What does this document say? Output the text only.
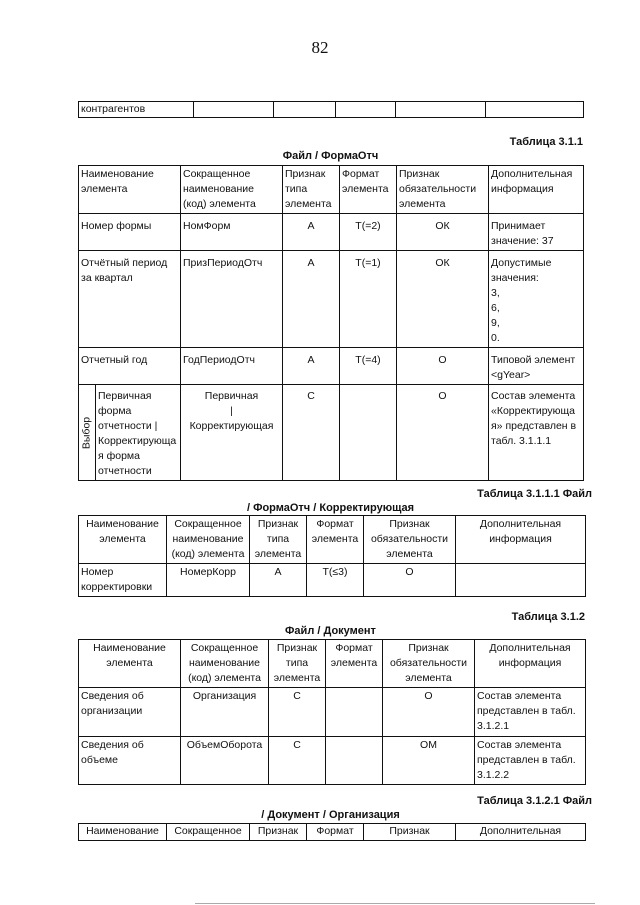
82
контрагентов					
Таблица 3.1.1
Файл / ФормаОтч
Наименование элемента		Сокращенное наименование (код) элемента	Признак типа элемента	Формат элемента	Признак обязательности элемента	Дополнительная информация
Номер формы		НомФорм	А	Т(=2)	ОК	Принимает значение: 37
Отчётный период за квартал		ПризПериодОтч	А	Т(=1)	ОК	Допустимые значения:
3,
6,
9,
0.
Отчетный год		ГодПериодОтч	А	Т(=4)	О	Типовой элемент <gYear>

Выбор	Первичная форма отчетности | Корректирующа я форма отчетности	Первичная
|
Корректирующая	С		О	Состав элемента «Корректирующа я» представлен в табл. 3.1.1.1
Таблица 3.1.1.1 Файл
/ ФормаОтч / Корректирующая
Наименование элемента	Сокращенное наименование (код) элемента	Признак типа элемента	Формат элемента	Признак обязательности элемента	Дополнительная информация
Номер корректировки	НомерКорр	А	Т(≤3)	О	
Таблица 3.1.2
Файл / Документ
Наименование элемента	Сокращенное наименование (код) элемента	Признак типа элемента	Формат элемента	Признак обязательности элемента	Дополнительная информация
Сведения об организации	Организация	С		О	Состав элемента представлен в табл. 3.1.2.1
Сведения об объеме	ОбъемОборота	С		ОМ	Состав элемента представлен в табл. 3.1.2.2
Таблица 3.1.2.1 Файл
/ Документ / Организация
Наименование	Сокращенное	Признак	Формат	Признак	Дополнительная
